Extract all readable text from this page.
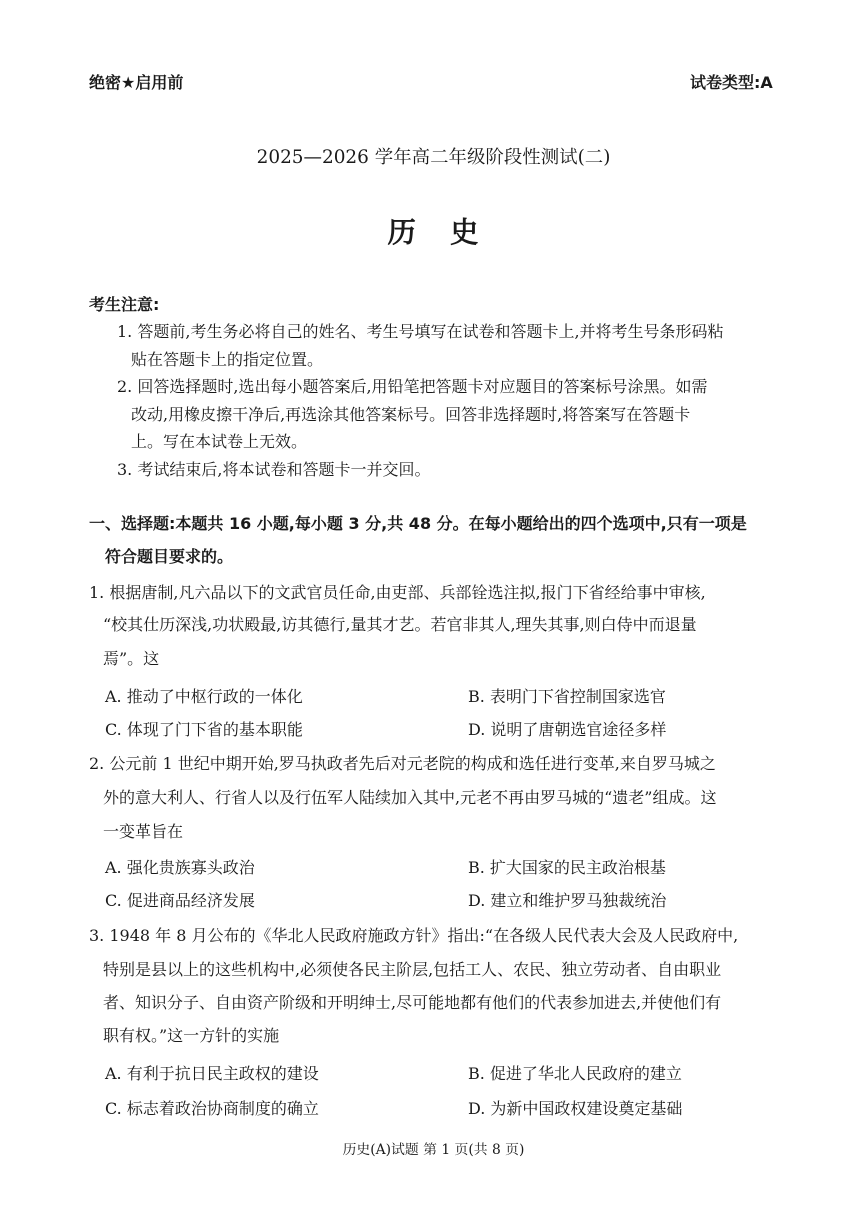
绝密★启用前	试卷类型:A
2025—2026 学年高二年级阶段性测试(二)
历史
考生注意:
1. 答题前,考生务必将自己的姓名、考生号填写在试卷和答题卡上,并将考生号条形码粘
贴在答题卡上的指定位置。
2. 回答选择题时,选出每小题答案后,用铅笔把答题卡对应题目的答案标号涂黑。如需
改动,用橡皮擦干净后,再选涂其他答案标号。回答非选择题时,将答案写在答题卡
上。写在本试卷上无效。
3. 考试结束后,将本试卷和答题卡一并交回。
一、选择题:本题共 16 小题,每小题 3 分,共 48 分。在每小题给出的四个选项中,只有一项是
符合题目要求的。
1. 根据唐制,凡六品以下的文武官员任命,由吏部、兵部铨选注拟,报门下省经给事中审核,
“校其仕历深浅,功状殿最,访其德行,量其才艺。若官非其人,理失其事,则白侍中而退量
焉”。这
A. 推动了中枢行政的一体化	B. 表明门下省控制国家选官
C. 体现了门下省的基本职能	D. 说明了唐朝选官途径多样
2. 公元前 1 世纪中期开始,罗马执政者先后对元老院的构成和选任进行变革,来自罗马城之
外的意大利人、行省人以及行伍军人陆续加入其中,元老不再由罗马城的“遗老”组成。这
一变革旨在
A. 强化贵族寡头政治	B. 扩大国家的民主政治根基
C. 促进商品经济发展	D. 建立和维护罗马独裁统治
3. 1948 年 8 月公布的《华北人民政府施政方针》指出:“在各级人民代表大会及人民政府中,
特别是县以上的这些机构中,必须使各民主阶层,包括工人、农民、独立劳动者、自由职业
者、知识分子、自由资产阶级和开明绅士,尽可能地都有他们的代表参加进去,并使他们有
职有权。”这一方针的实施
A. 有利于抗日民主政权的建设	B. 促进了华北人民政府的建立
C. 标志着政治协商制度的确立	D. 为新中国政权建设奠定基础
历史(A)试题 第 1 页(共 8 页)
